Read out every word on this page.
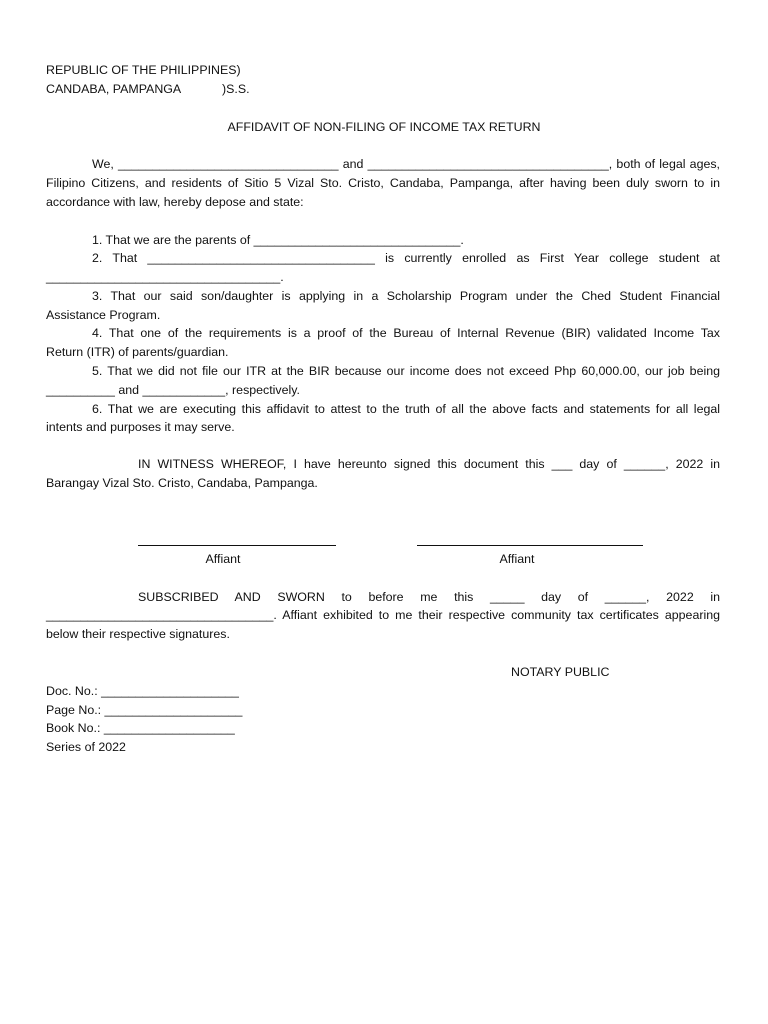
REPUBLIC OF THE PHILIPPINES)
CANDABA, PAMPANGA	)S.S.
AFFIDAVIT OF NON-FILING OF INCOME TAX RETURN
We, ________________________________ and ___________________________________, both of legal ages,
Filipino Citizens, and residents of Sitio 5 Vizal Sto. Cristo, Candaba, Pampanga, after having been duly sworn to in
accordance with law, hereby depose and state:
1. That we are the parents of ______________________________.
2. That _________________________________ is currently enrolled as First Year college student at
__________________________________.
3. That our said son/daughter is applying in a Scholarship Program under the Ched Student Financial
Assistance Program.
4. That one of the requirements is a proof of the Bureau of Internal Revenue (BIR) validated Income Tax
Return (ITR) of parents/guardian.
5. That we did not file our ITR at the BIR because our income does not exceed Php 60,000.00, our job being
__________ and ____________, respectively.
6. That we are executing this affidavit to attest to the truth of all the above facts and statements for all legal
intents and purposes it may serve.
IN WITNESS WHEREOF, I have hereunto signed this document this ___ day of ______, 2022 in
Barangay Vizal Sto. Cristo, Candaba, Pampanga.
Affiant	Affiant
SUBSCRIBED AND SWORN to before me this _____ day of ______, 2022 in
_________________________________. Affiant exhibited to me their respective community tax certificates appearing
below their respective signatures.
NOTARY PUBLIC
Doc. No.: ____________________
Page No.: ____________________
Book No.: ___________________
Series of 2022
